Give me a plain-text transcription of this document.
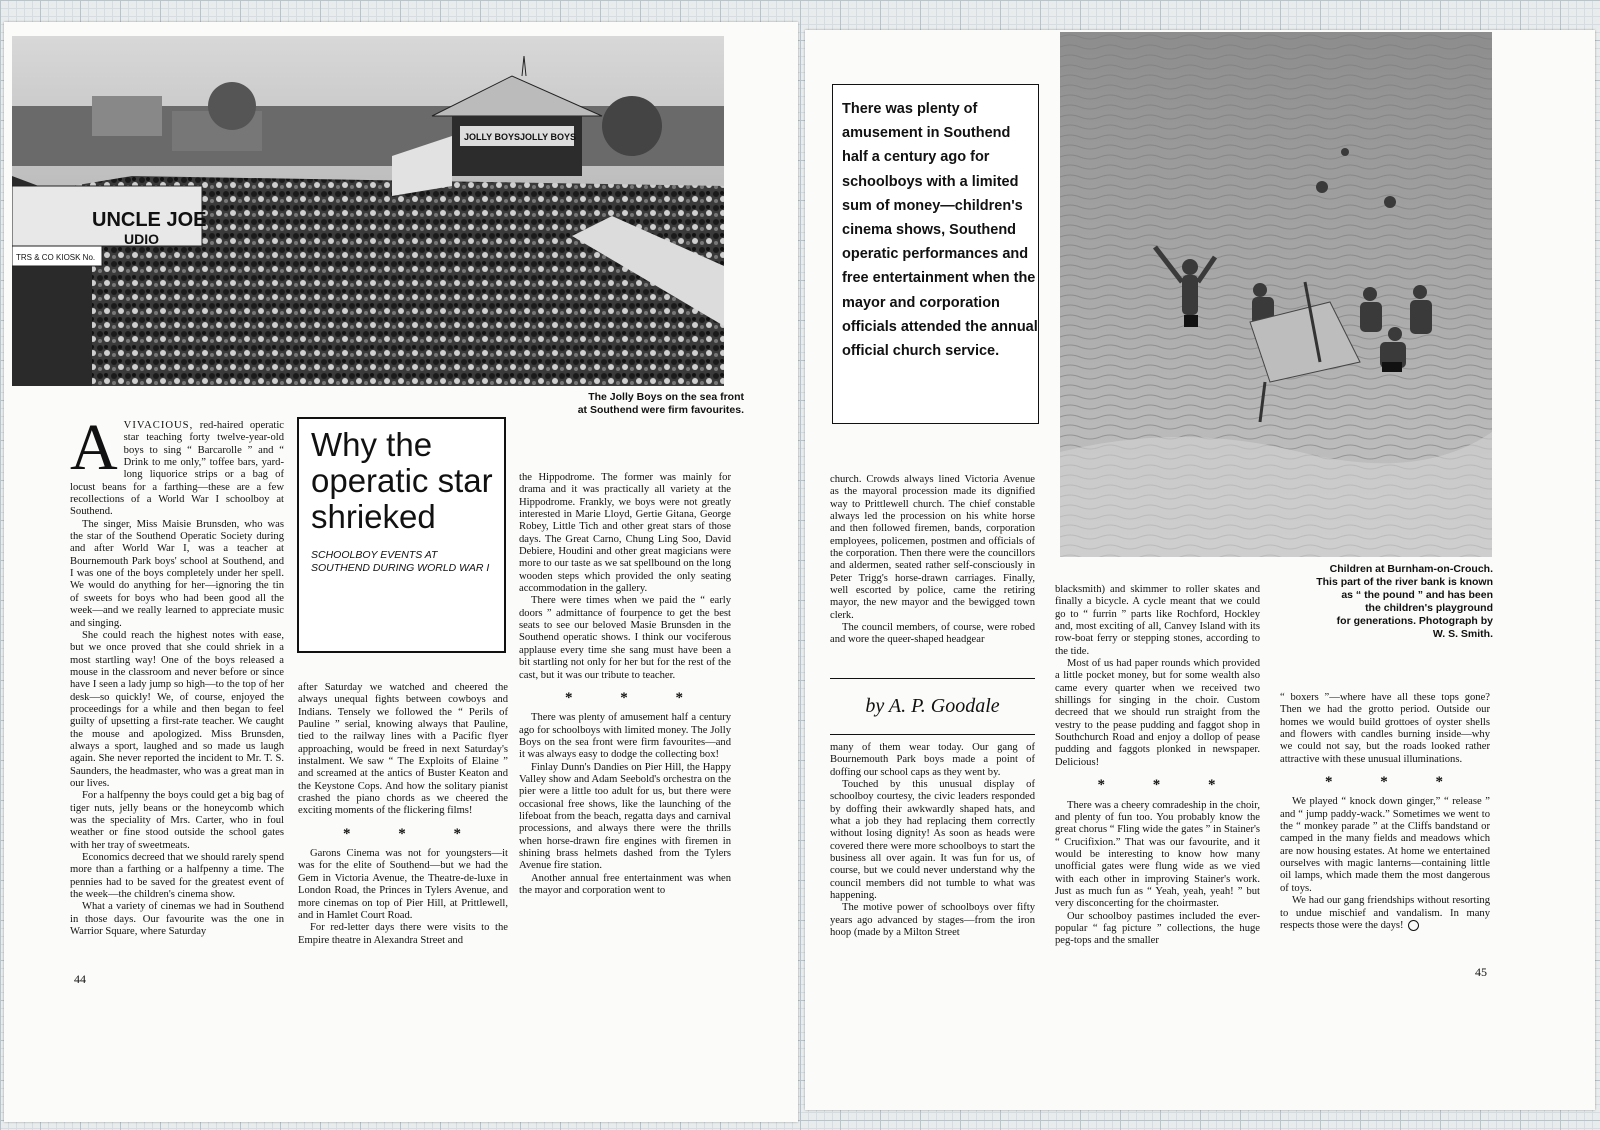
UNCLE JOE
UDIO
TRS & CO KIOSK No.
JOLLY BOYS JOLLY BOYS
The Jolly Boys on the sea front
at Southend were firm favourites.
Why the operatic star shrieked
SCHOOLBOY EVENTS AT SOUTHEND DURING WORLD WAR I

AVIVACIOUS, red-haired operatic star teaching forty twelve-year-old boys to sing “ Barcarolle ” and “ Drink to me only,” toffee bars, yard-long liquorice strips or a bag of locust beans for a farthing—these are a few recollections of a World War I schoolboy at Southend.

The singer, Miss Maisie Brunsden, who was the star of the Southend Operatic Society during and after World War I, was a teacher at Bournemouth Park boys' school at Southend, and I was one of the boys completely under her spell. We would do anything for her—ignoring the tin of sweets for boys who had been good all the week—and we really learned to appreciate music and singing.

She could reach the highest notes with ease, but we once proved that she could shriek in a most startling way! One of the boys released a mouse in the classroom and never before or since have I seen a lady jump so high—to the top of her desk—so quickly! We, of course, enjoyed the proceedings for a while and then began to feel guilty of upsetting a first-rate teacher. We caught the mouse and apologized. Miss Brunsden, always a sport, laughed and so made us laugh again. She never reported the incident to Mr. T. S. Saunders, the headmaster, who was a great man in our lives.

For a halfpenny the boys could get a big bag of tiger nuts, jelly beans or the honeycomb which was the speciality of Mrs. Carter, who in foul weather or fine stood outside the school gates with her tray of sweetmeats.

Economics decreed that we should rarely spend more than a farthing or a halfpenny a time. The pennies had to be saved for the greatest event of the week—the children's cinema show.

What a variety of cinemas we had in Southend in those days. Our favourite was the one in Warrior Square, where Saturday

after Saturday we watched and cheered the always unequal fights between cowboys and Indians. Tensely we followed the “ Perils of Pauline ” serial, knowing always that Pauline, tied to the railway lines with a Pacific flyer approaching, would be freed in next Saturday's instalment. We saw “ The Exploits of Elaine ” and screamed at the antics of Buster Keaton and the Keystone Cops. And how the solitary pianist crashed the piano chords as we cheered the exciting moments of the flickering films!

* * *

Garons Cinema was not for youngsters—it was for the elite of Southend—but we had the Gem in Victoria Avenue, the Theatre-de-luxe in London Road, the Princes in Tylers Avenue, and more cinemas on top of Pier Hill, at Prittlewell, and in Hamlet Court Road.

For red-letter days there were visits to the Empire theatre in Alexandra Street and

the Hippodrome. The former was mainly for drama and it was practically all variety at the Hippodrome. Frankly, we boys were not greatly interested in Marie Lloyd, Gertie Gitana, George Robey, Little Tich and other great stars of those days. The Great Carno, Chung Ling Soo, David Debiere, Houdini and other great magicians were more to our taste as we sat spellbound on the long wooden steps which provided the only seating accommodation in the gallery.

There were times when we paid the “ early doors ” admittance of fourpence to get the best seats to see our beloved Masie Brunsden in the Southend operatic shows. I think our vociferous applause every time she sang must have been a bit startling not only for her but for the rest of the cast, but it was our tribute to teacher.

* * *

There was plenty of amusement half a century ago for schoolboys with limited money. The Jolly Boys on the sea front were firm favourites—and it was always easy to dodge the collecting box!

Finlay Dunn's Dandies on Pier Hill, the Happy Valley show and Adam Seebold's orchestra on the pier were a little too adult for us, but there were occasional free shows, like the launching of the lifeboat from the beach, regatta days and carnival processions, and always there were the thrills when horse-drawn fire engines with firemen in shining brass helmets dashed from the Tylers Avenue fire station.

Another annual free entertainment was when the mayor and corporation went to

44
There was plenty of amusement in Southend half a century ago for schoolboys with a limited sum of money—children's cinema shows, Southend operatic performances and free entertainment when the mayor and corporation officials attended the annual official church service.
Children at Burnham-on-Crouch.
This part of the river bank is known
as “ the pound ” and has been
the children's playground
for generations. Photograph by
W. S. Smith.

church. Crowds always lined Victoria Avenue as the mayoral procession made its dignified way to Prittlewell church. The chief constable always led the procession on his white horse and then followed firemen, bands, corporation employees, policemen, postmen and officials of the corporation. Then there were the councillors and aldermen, seated rather self-consciously in Peter Trigg's horse-drawn carriages. Finally, well escorted by police, came the retiring mayor, the new mayor and the bewigged town clerk.

The council members, of course, were robed and wore the queer-shaped headgear

by A. P. Goodale

many of them wear today. Our gang of Bournemouth Park boys made a point of doffing our school caps as they went by.

Touched by this unusual display of schoolboy courtesy, the civic leaders responded by doffing their awkwardly shaped hats, and what a job they had replacing them correctly without losing dignity! As soon as heads were covered there were more schoolboys to start the business all over again. It was fun for us, of course, but we could never understand why the council members did not tumble to what was happening.

The motive power of schoolboys over fifty years ago advanced by stages—from the iron hoop (made by a Milton Street

blacksmith) and skimmer to roller skates and finally a bicycle. A cycle meant that we could go to “ furrin ” parts like Rochford, Hockley and, most exciting of all, Canvey Island with its row-boat ferry or stepping stones, according to the tide.

Most of us had paper rounds which provided a little pocket money, but for some wealth also came every quarter when we received two shillings for singing in the choir. Custom decreed that we should run straight from the vestry to the pease pudding and faggot shop in Southchurch Road and enjoy a dollop of pease pudding and faggots plonked in newspaper. Delicious!

* * *

There was a cheery comradeship in the choir, and plenty of fun too. You probably know the great chorus “ Fling wide the gates ” in Stainer's “ Crucifixion.” That was our favourite, and it would be interesting to know how many unofficial gates were flung wide as we vied with each other in improving Stainer's work. Just as much fun as “ Yeah, yeah, yeah! ” but very disconcerting for the choirmaster.

Our schoolboy pastimes included the ever-popular “ fag picture ” collections, the huge peg-tops and the smaller

“ boxers ”—where have all these tops gone? Then we had the grotto period. Outside our homes we would build grottoes of oyster shells and flowers with candles burning inside—why we could not say, but the roads looked rather attractive with these unusual illuminations.

* * *

We played “ knock down ginger,” “ release ” and “ jump paddy-wack.” Sometimes we went to the “ monkey parade ” at the Cliffs bandstand or camped in the many fields and meadows which are now housing estates. At home we entertained ourselves with magic lanterns—containing little oil lamps, which made them the most dangerous of toys.

We had our gang friendships without resorting to undue mischief and vandalism. In many respects those were the days!

45
